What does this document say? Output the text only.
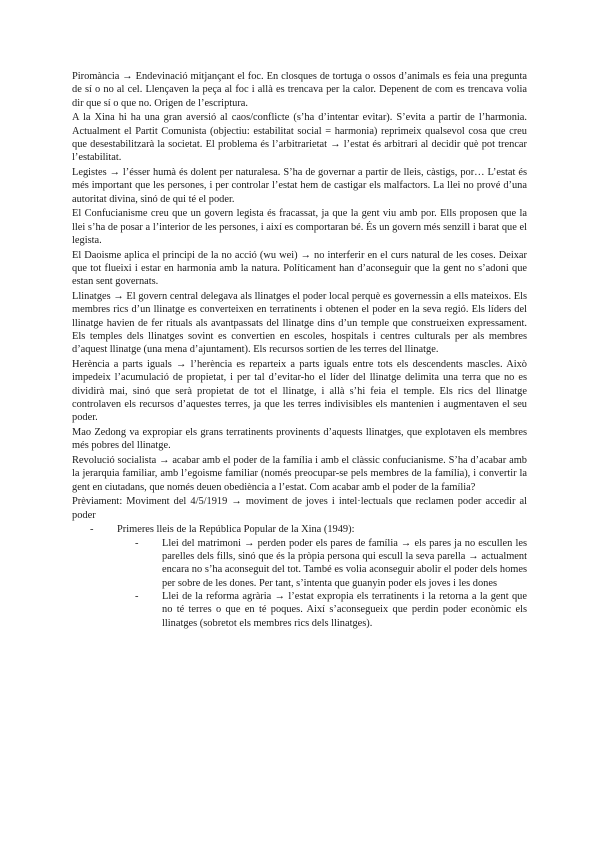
Piromància → Endevinació mitjançant el foc. En closques de tortuga o ossos d’animals es feia una pregunta de sí o no al cel. Llençaven la peça al foc i allà es trencava per la calor. Depenent de com es trencava volia dir que sí o que no. Origen de l’escriptura.

A la Xina hi ha una gran aversió al caos/conflicte (s’ha d’intentar evitar). S’evita a partir de l’harmonia. Actualment el Partit Comunista (objectiu: estabilitat social = harmonia) reprimeix qualsevol cosa que creu que desestabilitzarà la societat. El problema és l’arbitrarietat → l’estat és arbitrari al decidir què pot trencar l’estabilitat.

Legistes → l’ésser humà és dolent per naturalesa. S’ha de governar a partir de lleis, càstigs, por… L’estat és més important que les persones, i per controlar l’estat hem de castigar els malfactors. La llei no prové d’una autoritat divina, sinó de qui té el poder.

El Confucianisme creu que un govern legista és fracassat, ja que la gent viu amb por. Ells proposen que la llei s’ha de posar a l’interior de les persones, i així es comportaran bé. És un govern més senzill i barat que el legista.

El Daoisme aplica el principi de la no acció (wu wei) → no interferir en el curs natural de les coses. Deixar que tot flueixi i estar en harmonia amb la natura. Políticament han d’aconseguir que la gent no s’adoni que estan sent governats.

Llinatges → El govern central delegava als llinatges el poder local perquè es governessin a ells mateixos. Els membres rics d’un llinatge es converteixen en terratinents i obtenen el poder en la seva regió. Els líders del llinatge havien de fer rituals als avantpassats del llinatge dins d’un temple que construeixen expressament. Els temples dels llinatges sovint es convertien en escoles, hospitals i centres culturals per als membres d’aquest llinatge (una mena d’ajuntament). Els recursos sortien de les terres del llinatge.

Herència a parts iguals → l’herència es reparteix a parts iguals entre tots els descendents mascles. Això impedeix l’acumulació de propietat, i per tal d’evitar-ho el líder del llinatge delimita una terra que no es dividirà mai, sinó que serà propietat de tot el llinatge, i allà s’hi feia el temple. Els rics del llinatge controlaven els recursos d’aquestes terres, ja que les terres indivisibles els mantenien i augmentaven el seu poder.

Mao Zedong va expropiar els grans terratinents provinents d’aquests llinatges, que explotaven els membres més pobres del llinatge.

Revolució socialista → acabar amb el poder de la família i amb el clàssic confucianisme. S’ha d’acabar amb la jerarquia familiar, amb l’egoisme familiar (només preocupar-se pels membres de la família), i convertir la gent en ciutadans, que només deuen obediència a l’estat. Com acabar amb el poder de la família?

Prèviament: Moviment del 4/5/1919 → moviment de joves i intel·lectuals que reclamen poder accedir al poder

- Primeres lleis de la República Popular de la Xina (1949):
- Llei del matrimoni → perden poder els pares de família → els pares ja no escullen les parelles dels fills, sinó que és la pròpia persona qui escull la seva parella → actualment encara no s’ha aconseguit del tot. També es volia aconseguir abolir el poder dels homes per sobre de les dones. Per tant, s’intenta que guanyin poder els joves i les dones
- Llei de la reforma agrària → l’estat expropia els terratinents i la retorna a la gent que no té terres o que en té poques. Així s’aconsegueix que perdin poder econòmic els llinatges (sobretot els membres rics dels llinatges).
